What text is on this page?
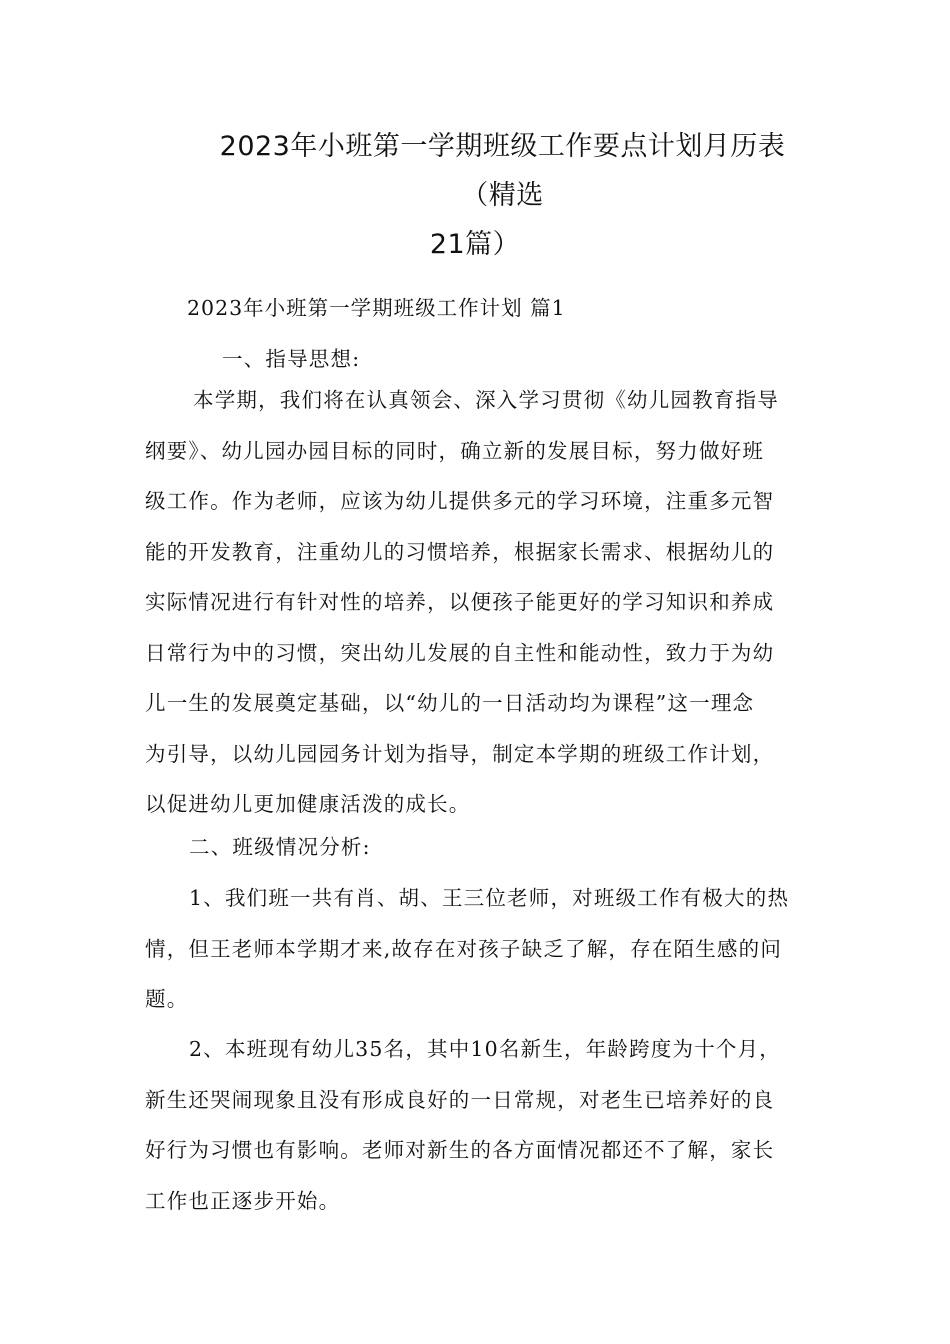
2023年小班第一学期班级工作要点计划月历表（精选
21篇）
2023年小班第一学期班级工作计划 篇1
一、指导思想:
本学期，我们将在认真领会、深入学习贯彻《幼儿园教育指导
纲要》、幼儿园办园目标的同时，确立新的发展目标，努力做好班
级工作。作为老师，应该为幼儿提供多元的学习环境，注重多元智
能的开发教育，注重幼儿的习惯培养，根据家长需求、根据幼儿的
实际情况进行有针对性的培养，以便孩子能更好的学习知识和养成
日常行为中的习惯，突出幼儿发展的自主性和能动性，致力于为幼
儿一生的发展奠定基础，以“幼儿的一日活动均为课程”这一理念
为引导，以幼儿园园务计划为指导，制定本学期的班级工作计划，
以促进幼儿更加健康活泼的成长。
二、班级情况分析:
1、我们班一共有肖、胡、王三位老师，对班级工作有极大的热
情，但王老师本学期才来,故存在对孩子缺乏了解，存在陌生感的问
题。
2、本班现有幼儿35名，其中10名新生，年龄跨度为十个月，
新生还哭闹现象且没有形成良好的一日常规，对老生已培养好的良
好行为习惯也有影响。老师对新生的各方面情况都还不了解，家长
工作也正逐步开始。
